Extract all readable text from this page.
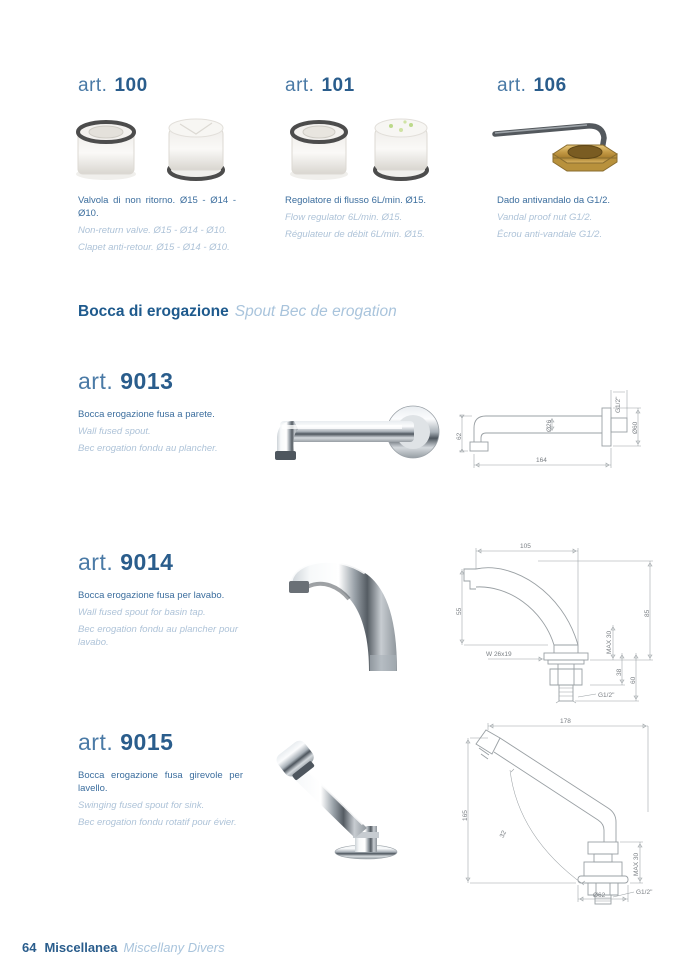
art. 100

Valvola di non ritorno. Ø15 - Ø14 - Ø10.

Non-return valve. Ø15 - Ø14 - Ø10.

Clapet anti-retour. Ø15 - Ø14 - Ø10.

art. 101

Regolatore di flusso 6L/min. Ø15.

Flow regulator 6L/min. Ø15.

Régulateur de débit 6L/min. Ø15.

art. 106

Dado antivandalo da G1/2.

Vandal proof nut G1/2.

Écrou anti-vandale G1/2.

Bocca di erogazione Spout Bec de erogation
art. 9013

Bocca erogazione fusa a parete.

Wall fused spout.

Bec erogation fondu au plancher.

62
Ø26
G1/2"
Ø60
164
art. 9014

Bocca erogazione fusa per lavabo.

Wall fused spout for basin tap.

Bec erogation fondu au plancher pour lavabo.

105
55	85
MAX 30
W 26x19
38
60
G1/2"
art. 9015

Bocca erogazione fusa girevole per lavello.

Swinging fused spout for sink.

Bec erogation fondu rotatif pour évier.

178
165
32
MAX 30
G1/2"
Ø62
64 Miscellanea Miscellany Divers
